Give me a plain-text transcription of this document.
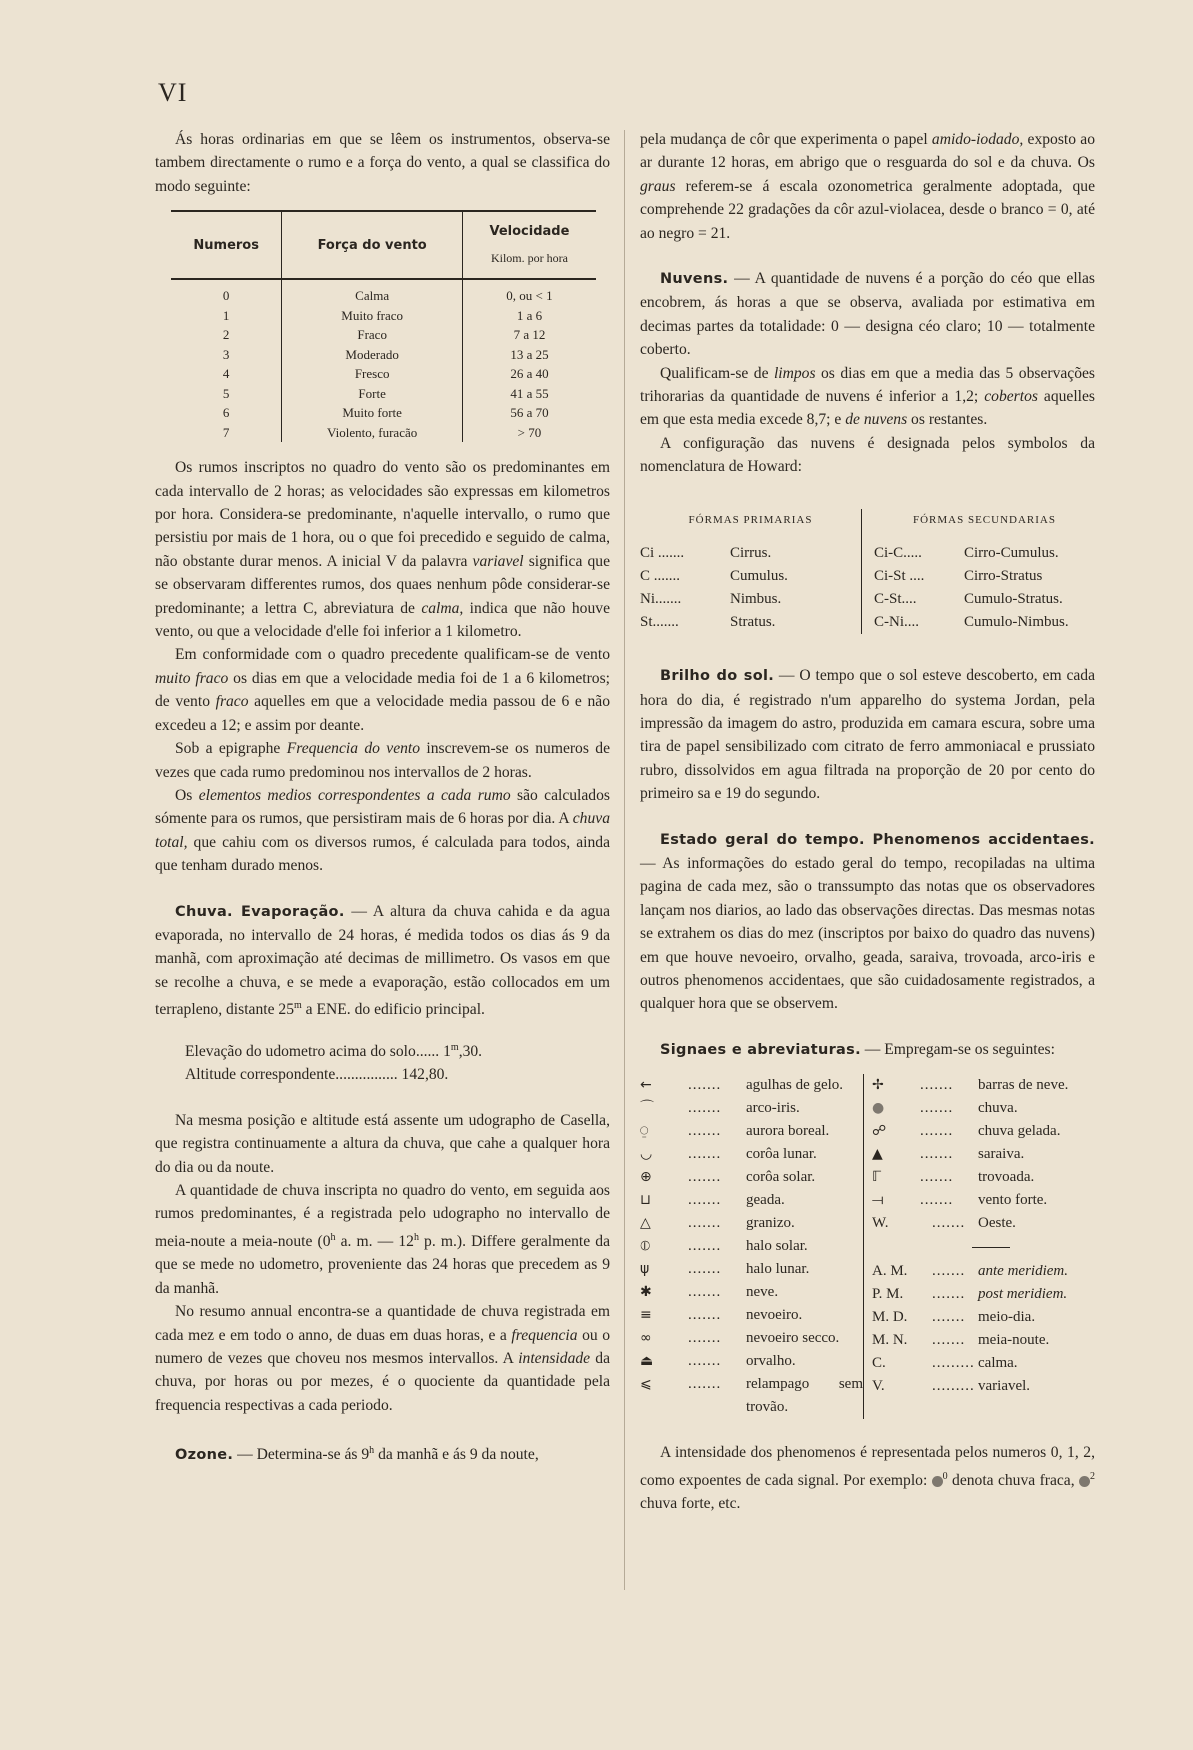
VI

Ás horas ordinarias em que se lêem os instrumentos, observa-se tambem directamente o rumo e a força do vento, a qual se classifica do modo seguinte:

Numeros	Força do vento	Velocidade
Kilom. por hora

0	Calma	0, ou < 1
1	Muito fraco	1 a 6
2	Fraco	7 a 12
3	Moderado	13 a 25
4	Fresco	26 a 40
5	Forte	41 a 55
6	Muito forte	56 a 70
7	Violento, furacão	> 70

Os rumos inscriptos no quadro do vento são os predominantes em cada intervallo de 2 horas; as velocidades são expressas em kilometros por hora. Considera-se predominante, n'aquelle intervallo, o rumo que persistiu por mais de 1 hora, ou o que foi precedido e seguido de calma, não obstante durar menos. A inicial V da palavra variavel significa que se observaram differentes rumos, dos quaes nenhum pôde considerar-se predominante; a lettra C, abreviatura de calma, indica que não houve vento, ou que a velocidade d'elle foi inferior a 1 kilometro.

Em conformidade com o quadro precedente qualificam-se de vento muito fraco os dias em que a velocidade media foi de 1 a 6 kilometros; de vento fraco aquelles em que a velocidade media passou de 6 e não excedeu a 12; e assim por deante.

Sob a epigraphe Frequencia do vento inscrevem-se os numeros de vezes que cada rumo predominou nos intervallos de 2 horas.

Os elementos medios correspondentes a cada rumo são calculados sómente para os rumos, que persistiram mais de 6 horas por dia. A chuva total, que cahiu com os diversos rumos, é calculada para todos, ainda que tenham durado menos.

Chuva. Evaporação. — A altura da chuva cahida e da agua evaporada, no intervallo de 24 horas, é medida todos os dias ás 9 da manhã, com aproximação até decimas de millimetro. Os vasos em que se recolhe a chuva, e se mede a evaporação, estão collocados em um terrapleno, distante 25$^m$ a ENE. do edificio principal.

Elevação do udometro acima do solo...... 1$^m$,30.
Altitude correspondente................ 142,80.

Na mesma posição e altitude está assente um udographo de Casella, que registra continuamente a altura da chuva, que cahe a qualquer hora do dia ou da noute.

A quantidade de chuva inscripta no quadro do vento, em seguida aos rumos predominantes, é a registrada pelo udographo no intervallo de meia-noute a meia-noute (0$^h$ a. m. — 12$^h$ p. m.). Differe geralmente da que se mede no udometro, proveniente das 24 horas que precedem as 9 da manhã.

No resumo annual encontra-se a quantidade de chuva registrada em cada mez e em todo o anno, de duas em duas horas, e a frequencia ou o numero de vezes que choveu nos mesmos intervallos. A intensidade da chuva, por horas ou por mezes, é o quociente da quantidade pela frequencia respectivas a cada periodo.

Ozone. — Determina-se ás 9$^h$ da manhã e ás 9 da noute,

pela mudança de côr que experimenta o papel amido-iodado, exposto ao ar durante 12 horas, em abrigo que o resguarda do sol e da chuva. Os graus referem-se á escala ozonometrica geralmente adoptada, que comprehende 22 gradações da côr azul-violacea, desde o branco = 0, até ao negro = 21.

Nuvens. — A quantidade de nuvens é a porção do céo que ellas encobrem, ás horas a que se observa, avaliada por estimativa em decimas partes da totalidade: 0 — designa céo claro; 10 — totalmente coberto.

Qualificam-se de limpos os dias em que a media das 5 observações trihorarias da quantidade de nuvens é inferior a 1,2; cobertos aquelles em que esta media excede 8,7; e de nuvens os restantes.

A configuração das nuvens é designada pelos symbolos da nomenclatura de Howard:

FÓRMAS PRIMARIAS
Ci .......	Cirrus.
C .......	Cumulus.
Ni.......	Nimbus.
St.......	Stratus.
FÓRMAS SECUNDARIAS
Ci-C.....	Cirro-Cumulus.
Ci-St ....	Cirro-Stratus
C-St....	Cumulo-Stratus.
C-Ni....	Cumulo-Nimbus.

Brilho do sol. — O tempo que o sol esteve descoberto, em cada hora do dia, é registrado n'um apparelho do systema Jordan, pela impressão da imagem do astro, produzida em camara escura, sobre uma tira de papel sensibilizado com citrato de ferro ammoniacal e prussiato rubro, dissolvidos em agua filtrada na proporção de 20 por cento do primeiro sa e 19 do segundo.

Estado geral do tempo. Phenomenos accidentaes. — As informações do estado geral do tempo, recopiladas na ultima pagina de cada mez, são o transsumpto das notas que os observadores lançam nos diarios, ao lado das observações directas. Das mesmas notas se extrahem os dias do mez (inscriptos por baixo do quadro das nuvens) em que houve nevoeiro, orvalho, geada, saraiva, trovoada, arco-iris e outros phenomenos accidentaes, que são cuidadosamente registrados, a qualquer hora que se observem.

Signaes e abreviaturas. — Empregam-se os seguintes:

←	.......	agulhas de gelo.
⌒	.......	arco-iris.
⍜	.......	aurora boreal.
◡	.......	corôa lunar.
⊕	.......	corôa solar.
⊔	.......	geada.
△	.......	granizo.
⦶	.......	halo solar.
ψ	.......	halo lunar.
✱	.......	neve.
≡	.......	nevoeiro.
∞	.......	nevoeiro secco.
⏏	.......	orvalho.
⩽	.......	relampago sem trovão.
✢	.......	barras de neve.
●	.......	chuva.
☍	.......	chuva gelada.
▲	.......	saraiva.
ℾ	.......	trovoada.
⟞	.......	vento forte.
W.	....... Oeste.
A. M.	....... ante meridiem.
P. M.	....... post meridiem.
M. D.	....... meio-dia.
M. N.	....... meia-noute.
C.	......... calma.
V.	......... variavel.

A intensidade dos phenomenos é representada pelos numeros 0, 1, 2, como expoentes de cada signal. Por exemplo: $^0$ denota chuva fraca, $^2$ chuva forte, etc.
